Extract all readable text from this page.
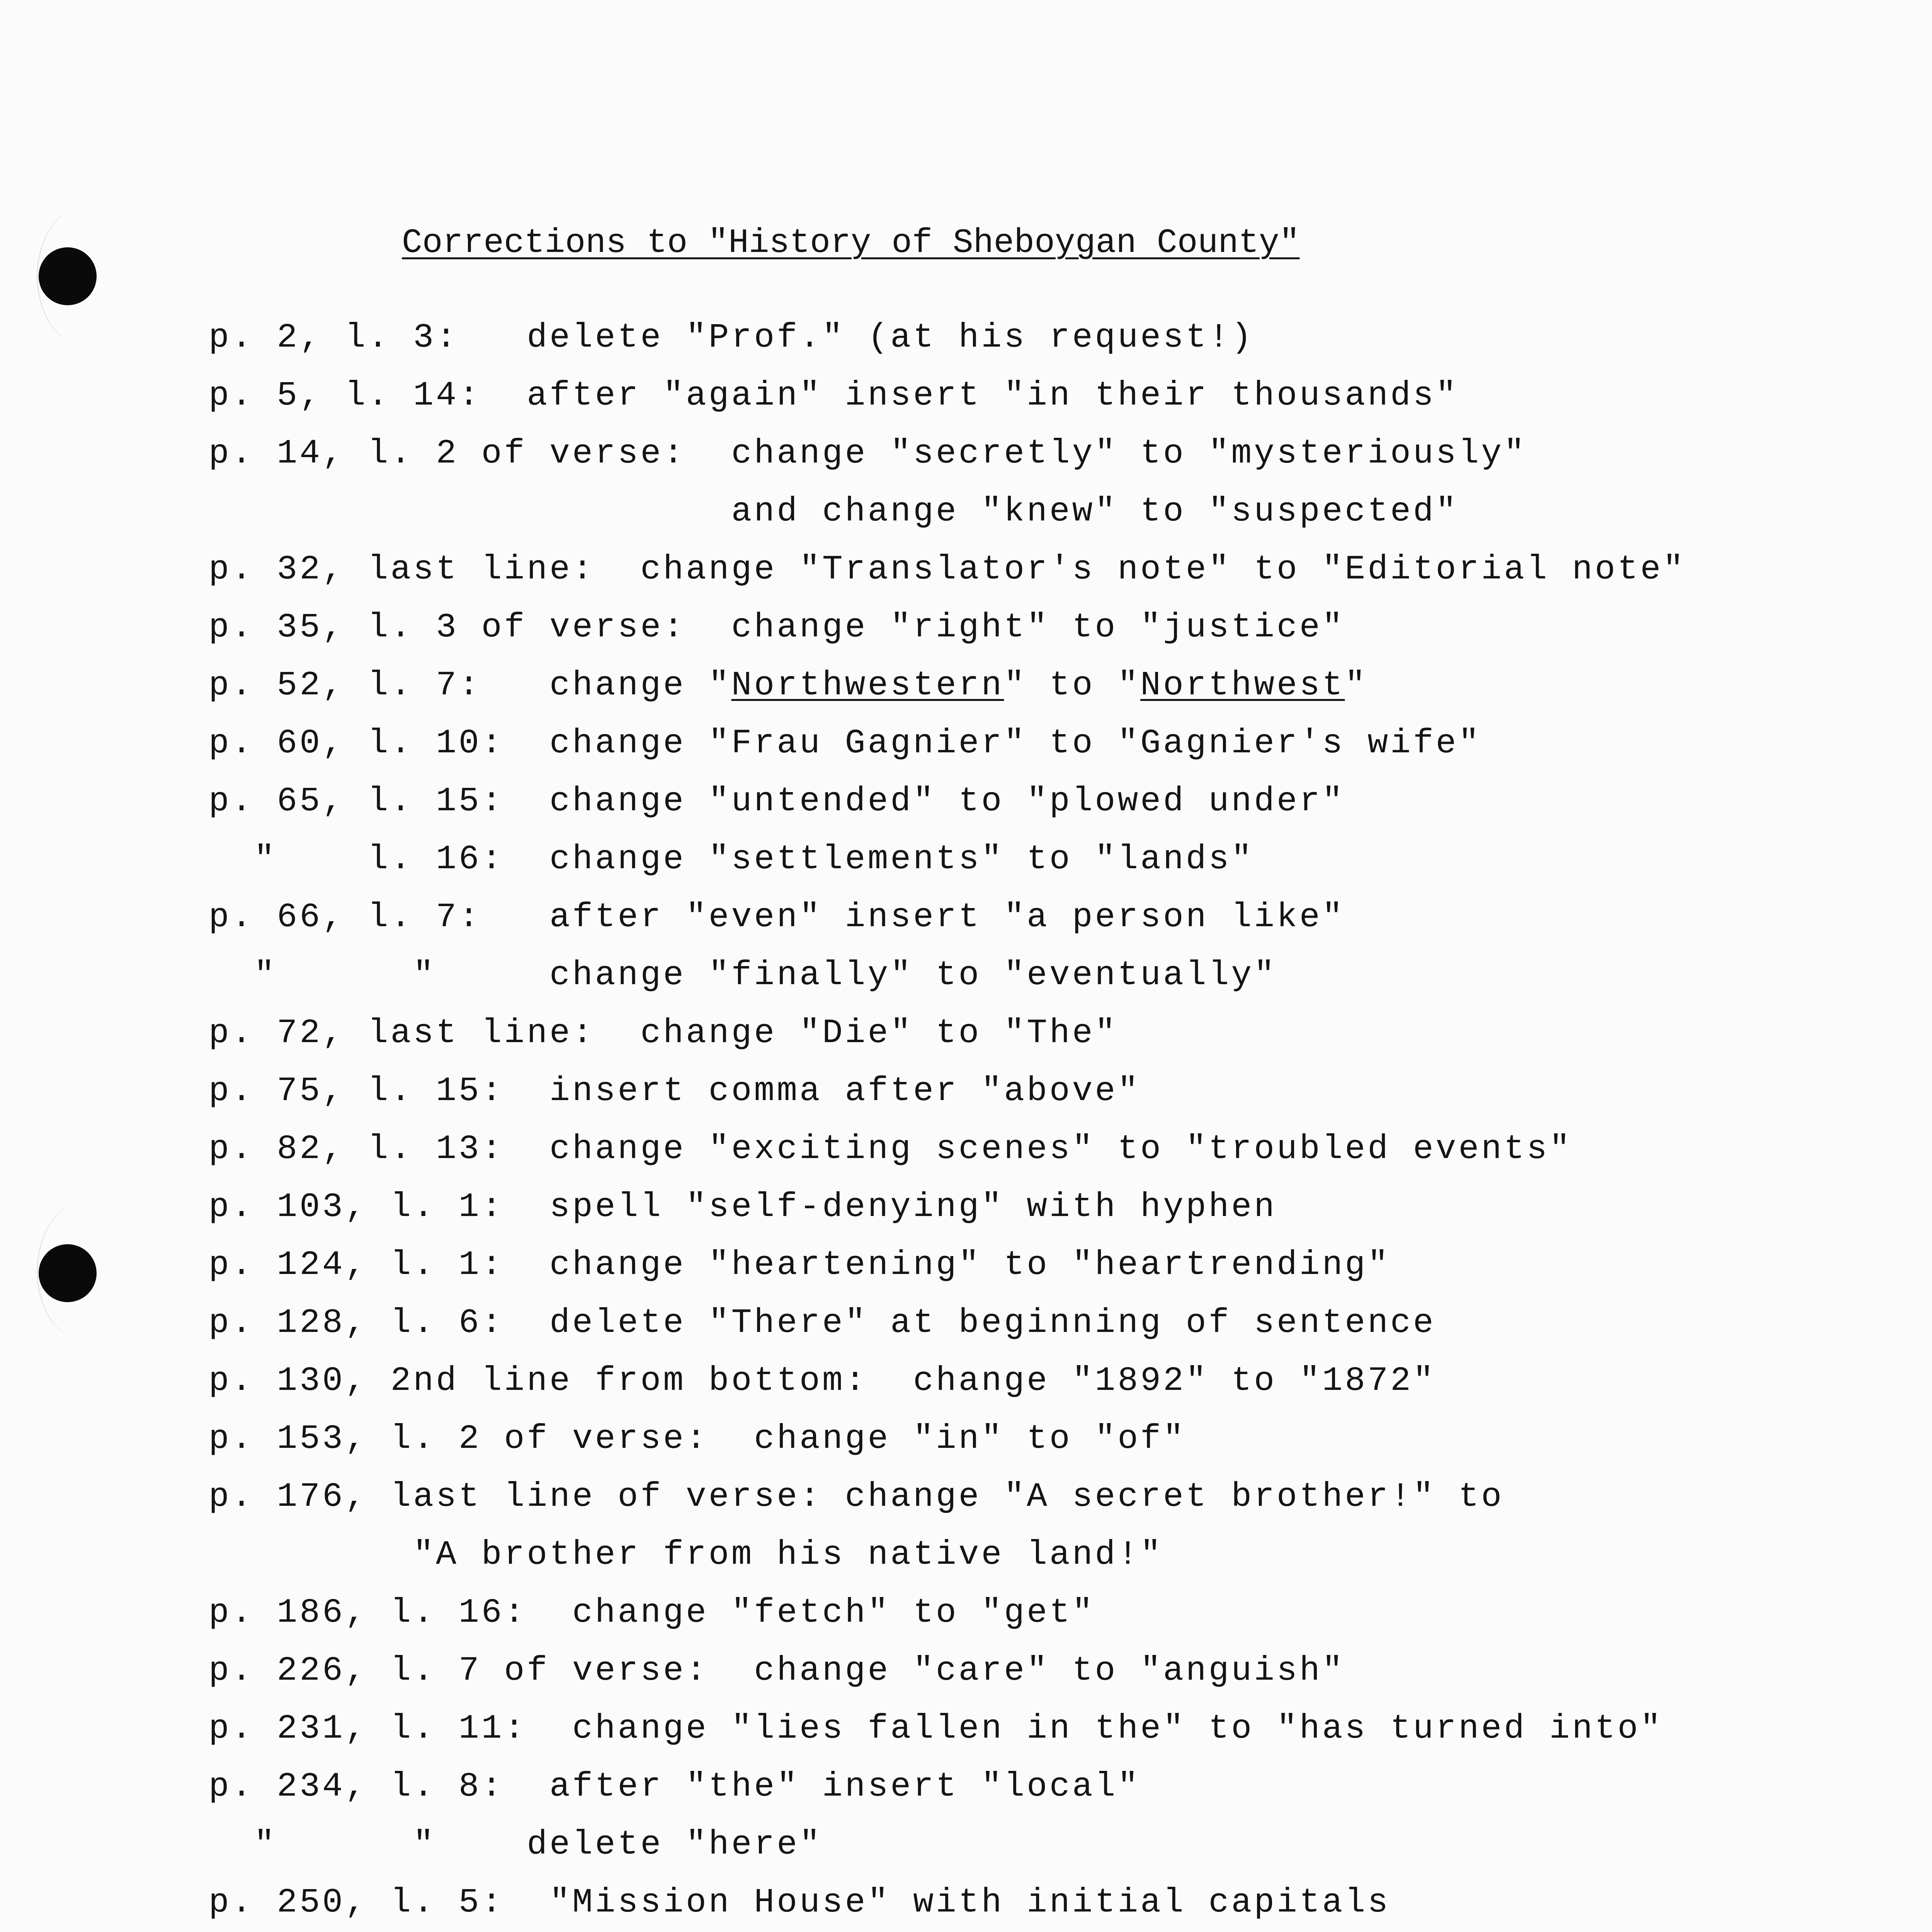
Corrections to "History of Sheboygan County"
p. 2, l. 3:   delete "Prof." (at his request!)
p. 5, l. 14:  after "again" insert "in their thousands"
p. 14, l. 2 of verse:  change "secretly" to "mysteriously"
and change "knew" to "suspected"
p. 32, last line:  change "Translator's note" to "Editorial note"
p. 35, l. 3 of verse:  change "right" to "justice"
p. 52, l. 7:   change "Northwestern" to "Northwest"
p. 60, l. 10:  change "Frau Gagnier" to "Gagnier's wife"
p. 65, l. 15:  change "untended" to "plowed under"
"    l. 16:  change "settlements" to "lands"
p. 66, l. 7:   after "even" insert "a person like"
"      "     change "finally" to "eventually"
p. 72, last line:  change "Die" to "The"
p. 75, l. 15:  insert comma after "above"
p. 82, l. 13:  change "exciting scenes" to "troubled events"
p. 103, l. 1:  spell "self-denying" with hyphen
p. 124, l. 1:  change "heartening" to "heartrending"
p. 128, l. 6:  delete "There" at beginning of sentence
p. 130, 2nd line from bottom:  change "1892" to "1872"
p. 153, l. 2 of verse:  change "in" to "of"
p. 176, last line of verse: change "A secret brother!" to
"A brother from his native land!"
p. 186, l. 16:  change "fetch" to "get"
p. 226, l. 7 of verse:  change "care" to "anguish"
p. 231, l. 11:  change "lies fallen in the" to "has turned into"
p. 234, l. 8:  after "the" insert "local"
"      "    delete "here"
p. 250, l. 5:  "Mission House" with initial capitals
